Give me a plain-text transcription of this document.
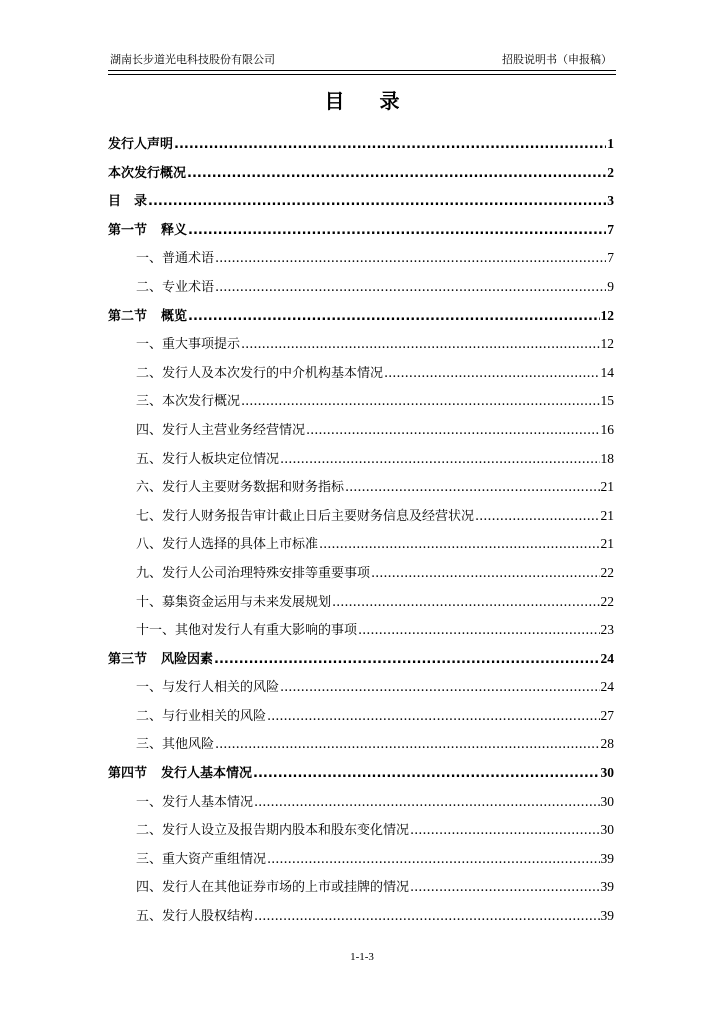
湖南长步道光电科技股份有限公司	招股说明书（申报稿）
目 录
发行人声明 .....	1
本次发行概况 .....	2
目　录 .....	3
第一节 释义 .....	7
一、普通术语 .....	7
二、专业术语 .....	9
第二节 概览 .....	12
一、重大事项提示 .....	12
二、发行人及本次发行的中介机构基本情况 .....	14
三、本次发行概况 .....	15
四、发行人主营业务经营情况 .....	16
五、发行人板块定位情况 .....	18
六、发行人主要财务数据和财务指标 .....	21
七、发行人财务报告审计截止日后主要财务信息及经营状况 .....	21
八、发行人选择的具体上市标准 .....	21
九、发行人公司治理特殊安排等重要事项 .....	22
十、募集资金运用与未来发展规划 .....	22
十一、其他对发行人有重大影响的事项 .....	23
第三节 风险因素 .....	24
一、与发行人相关的风险 .....	24
二、与行业相关的风险 .....	27
三、其他风险 .....	28
第四节 发行人基本情况 .....	30
一、发行人基本情况 .....	30
二、发行人设立及报告期内股本和股东变化情况 .....	30
三、重大资产重组情况 .....	39
四、发行人在其他证券市场的上市或挂牌的情况 .....	39
五、发行人股权结构 .....	39
1-1-3
